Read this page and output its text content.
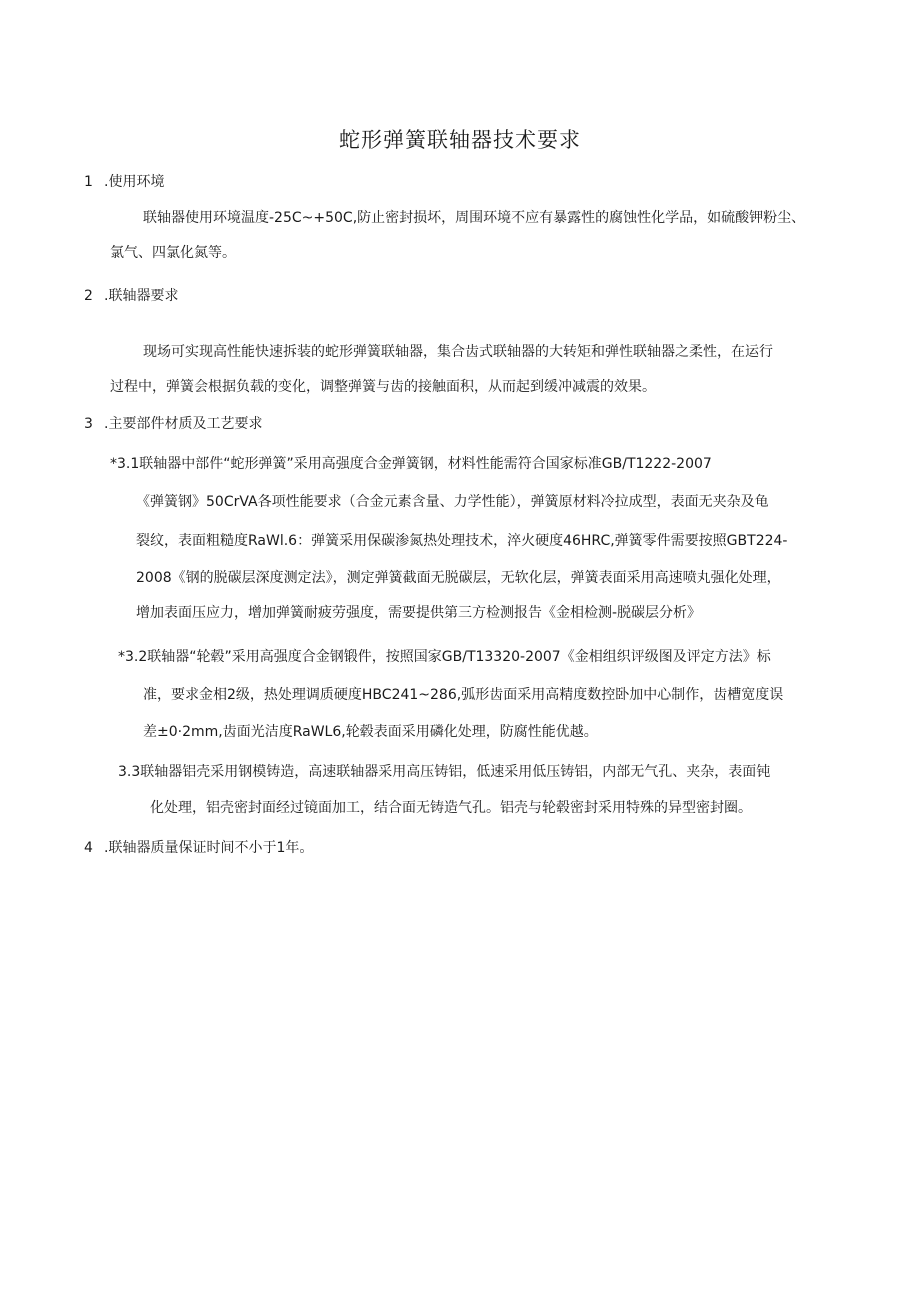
蛇形弹簧联轴器技术要求

1 .使用环境

联轴器使用环境温度-25C~+50C,防止密封损坏，周围环境不应有暴露性的腐蚀性化学品，如硫酸钾粉尘、

氯气、四氯化氮等。

2 .联轴器要求

现场可实现高性能快速拆装的蛇形弹簧联轴器，集合齿式联轴器的大转矩和弹性联轴器之柔性，在运行

过程中，弹簧会根据负载的变化，调整弹簧与齿的接触面积，从而起到缓冲减震的效果。

3 .主要部件材质及工艺要求

*3.1联轴器中部件“蛇形弹簧”采用高强度合金弹簧钢，材料性能需符合国家标准GB/T1222-2007

《弹簧钢》50CrVA各项性能要求（合金元素含量、力学性能），弹簧原材料冷拉成型，表面无夹杂及龟

裂纹，表面粗糙度RaWl.6：弹簧采用保碳渗氮热处理技术，淬火硬度46HRC,弹簧零件需要按照GBT224-

2008《钢的脱碳层深度测定法》，测定弹簧截面无脱碳层，无软化层，弹簧表面采用高速喷丸强化处理，

增加表面压应力，增加弹簧耐疲劳强度，需要提供第三方检测报告《金相检测-脱碳层分析》

*3.2联轴器“轮毂”采用高强度合金钢锻件，按照国家GB/T13320-2007《金相组织评级图及评定方法》标

准，要求金相2级，热处理调质硬度HBC241~286,弧形齿面采用高精度数控卧加中心制作，齿槽宽度误

差±0·2mm,齿面光洁度RaWL6,轮毂表面采用磷化处理，防腐性能优越。

3.3联轴器铝壳采用钢模铸造，高速联轴器采用高压铸铝，低速采用低压铸铝，内部无气孔、夹杂，表面钝

化处理，铝壳密封面经过镜面加工，结合面无铸造气孔。铝壳与轮毂密封采用特殊的异型密封圈。

4 .联轴器质量保证时间不小于1年。
